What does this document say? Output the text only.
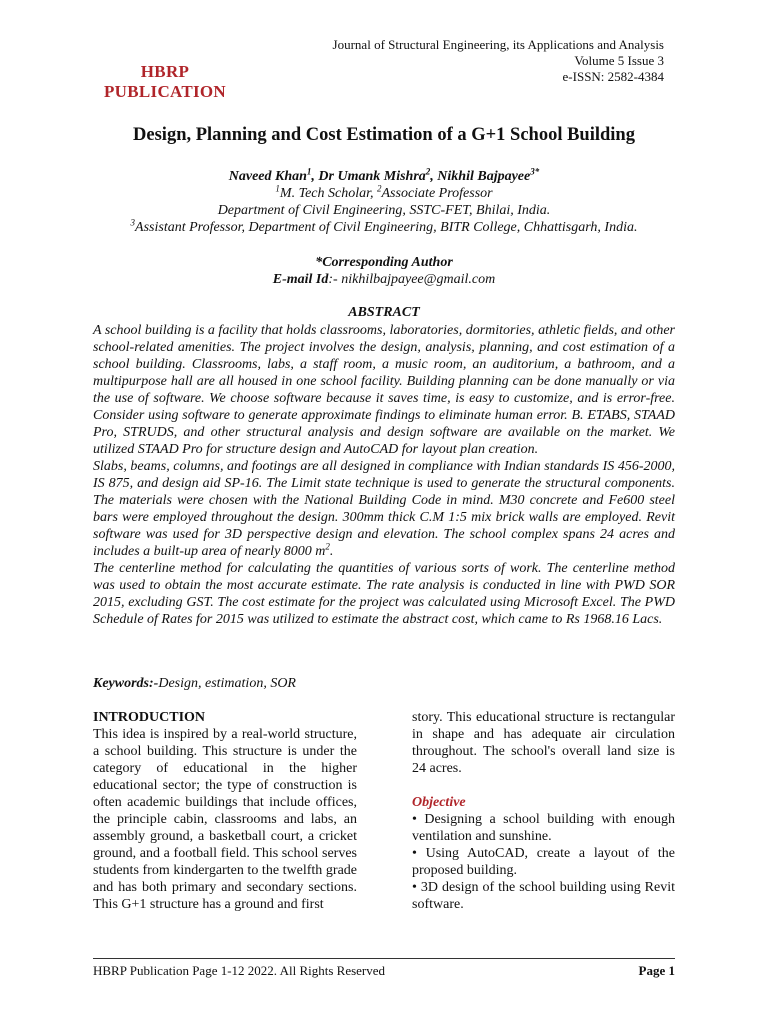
HBRP
PUBLICATION
Journal of Structural Engineering, its Applications and Analysis
Volume 5 Issue 3
e-ISSN: 2582-4384
Design, Planning and Cost Estimation of a G+1 School Building
Naveed Khan$^1$, Dr Umank Mishra$^2$, Nikhil Bajpayee$^{3*}$
$^1$M. Tech Scholar, $^2$Associate Professor
Department of Civil Engineering, SSTC-FET, Bhilai, India.
$^3$Assistant Professor, Department of Civil Engineering, BITR College, Chhattisgarh, India.
*Corresponding Author
E-mail Id:- nikhilbajpayee@gmail.com
ABSTRACT

A school building is a facility that holds classrooms, laboratories, dormitories, athletic fields, and other school-related amenities. The project involves the design, analysis, planning, and cost estimation of a school building. Classrooms, labs, a staff room, a music room, an auditorium, a bathroom, and a multipurpose hall are all housed in one school facility. Building planning can be done manually or via the use of software. We choose software because it saves time, is easy to customize, and is error-free. Consider using software to generate approximate findings to eliminate human error. B. ETABS, STAAD Pro, STRUDS, and other structural analysis and design software are available on the market. We utilized STAAD Pro for structure design and AutoCAD for layout plan creation.

Slabs, beams, columns, and footings are all designed in compliance with Indian standards IS 456-2000, IS 875, and design aid SP-16. The Limit state technique is used to generate the structural components. The materials were chosen with the National Building Code in mind. M30 concrete and Fe600 steel bars were employed throughout the design. 300mm thick C.M 1:5 mix brick walls are employed. Revit software was used for 3D perspective design and elevation. The school complex spans 24 acres and includes a built-up area of nearly 8000 $m^2$.

The centerline method for calculating the quantities of various sorts of work. The centerline method was used to obtain the most accurate estimate. The rate analysis is conducted in line with PWD SOR 2015, excluding GST. The cost estimate for the project was calculated using Microsoft Excel. The PWD Schedule of Rates for 2015 was utilized to estimate the abstract cost, which came to Rs 1968.16 Lacs.

Keywords:-Design, estimation, SOR
INTRODUCTION

This idea is inspired by a real-world structure, a school building. This structure is under the category of educational in the higher educational sector; the type of construction is often academic buildings that include offices, the principle cabin, classrooms and labs, an assembly ground, a basketball court, a cricket ground, and a football field. This school serves students from kindergarten to the twelfth grade and has both primary and secondary sections. This G+1 structure has a ground and first

story. This educational structure is rectangular in shape and has adequate air circulation throughout. The school's overall land size is 24 acres.

Objective

• Designing a school building with enough ventilation and sunshine.

• Using AutoCAD, create a layout of the proposed building.

• 3D design of the school building using Revit software.

HBRP Publication Page 1-12 2022. All Rights Reserved	Page 1
